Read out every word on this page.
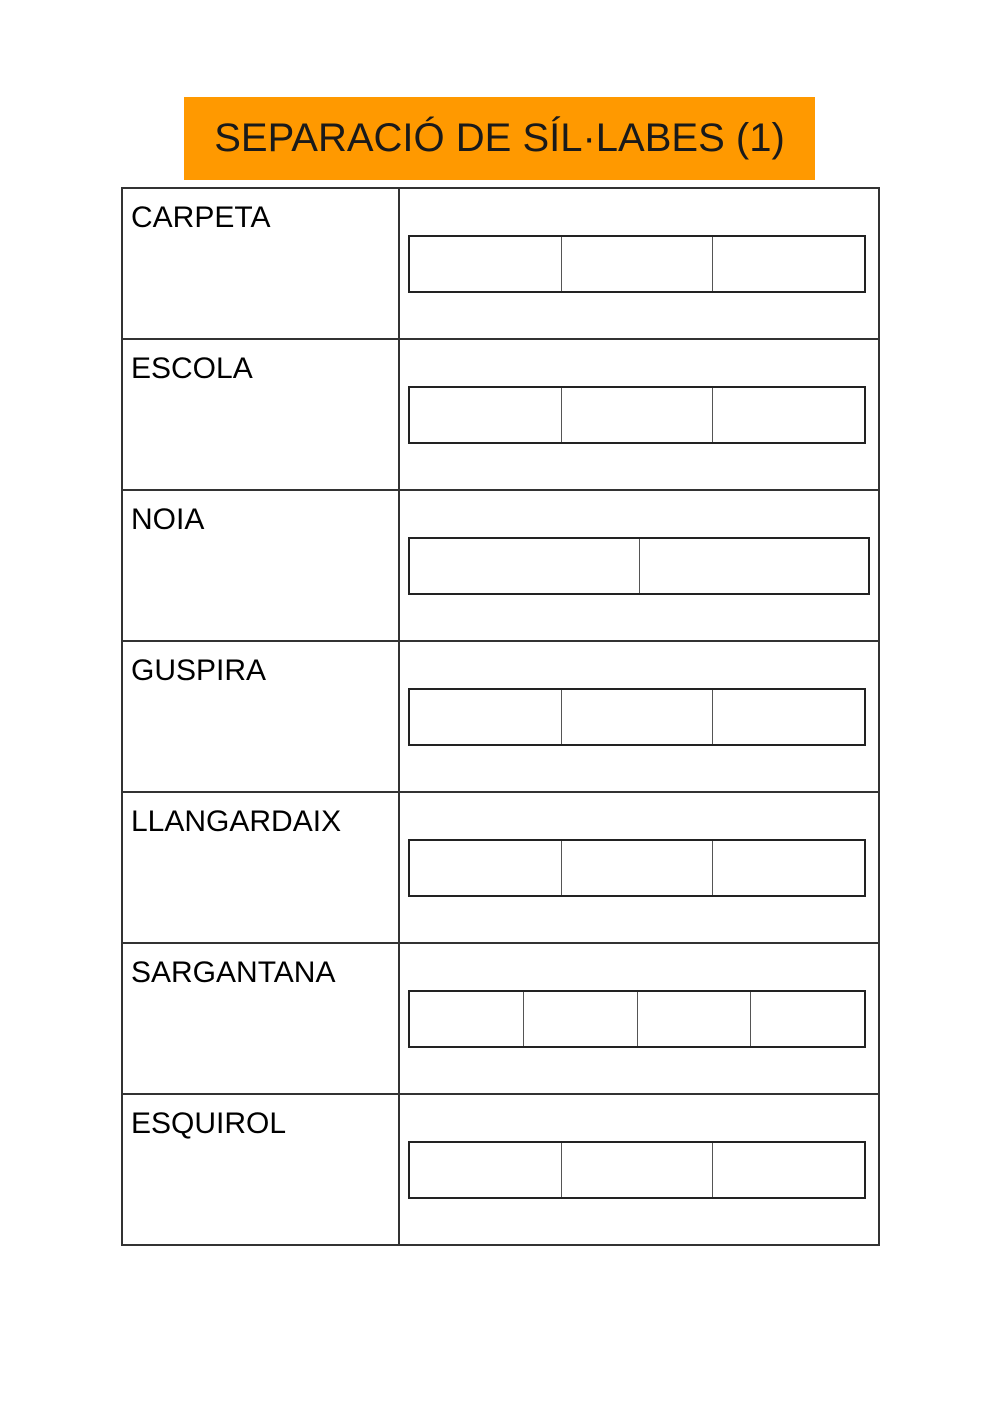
SEPARACIÓ DE SÍL·LABES (1)
CARPETA	

ESCOLA	

NOIA	

GUSPIRA	

LLANGARDAIX	

SARGANTANA	

ESQUIROL	
